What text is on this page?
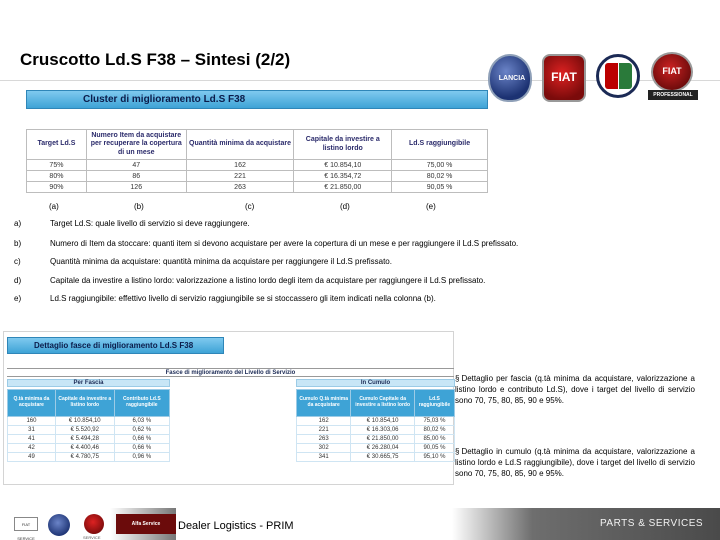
Cruscotto Ld.S F38 – Sintesi (2/2)
LANCIA	FIAT	FIAT
PROFESSIONAL
Cluster di miglioramento Ld.S F38
Target Ld.S	Numero Item da acquistare per recuperare la copertura di un mese	Quantità minima da acquistare	Capitale da investire a listino lordo	Ld.S raggiungibile
75%	47	162	€ 10.854,10	75,00 %
80%	86	221	€ 16.354,72	80,02 %
90%	126	263	€ 21.850,00	90,05 %
(a)	(b)	(c)	(d)	(e)
a)	Target Ld.S: quale livello di servizio si deve raggiungere.
b)	Numero di Item da stoccare: quanti item si devono acquistare per avere la copertura di un mese e per raggiungere il Ld.S prefissato.
c)	Quantità minima da acquistare: quantità minima da acquistare per raggiungere il Ld.S prefissato.
d)	Capitale da investire a listino lordo: valorizzazione a listino lordo degli item da acquistare per raggiungere il Ld.S prefissato.
e)	Ld.S raggiungibile: effettivo livello di servizio raggiungibile se si stoccassero gli item indicati nella colonna (b).
Dettaglio fasce di miglioramento Ld.S F38
Fasce di miglioramento del Livello di Servizio
Per Fascia	In Cumulo
Q.tà minima da acquistare	Capitale da investire a listino lordo	Contributo Ld.S raggiungibile
160	€ 10.854,10	6,03 %
31	€ 5.520,92	0,62 %
41	€ 5.494,28	0,66 %
42	€ 4.400,46	0,66 %
49	€ 4.780,75	0,96 %
Cumulo Q.tà minima da acquistare	Cumulo Capitale da investire a listino lordo	Ld.S raggiungibile
162	€ 10.854,10	75,03 %
221	€ 16.303,06	80,02 %
263	€ 21.850,00	85,00 %
302	€ 26.280,04	90,05 %
341	€ 30.665,75	95,10 %
§ Dettaglio per fascia (q.tà minima da acquistare, valorizzazione a listino lordo e contributo Ld.S), dove i target del livello di servizio sono 70, 75, 80, 85, 90 e 95%.
§ Dettaglio in cumulo (q.tà minima da acquistare, valorizzazione a listino lordo e Ld.S raggiungibile), dove i target del livello di servizio sono 70, 75, 80, 85, 90 e 95%.
FIAT SERVICE	SERVICE
Alfa Service	Dealer Logistics - PRIM	PARTS & SERVICES
